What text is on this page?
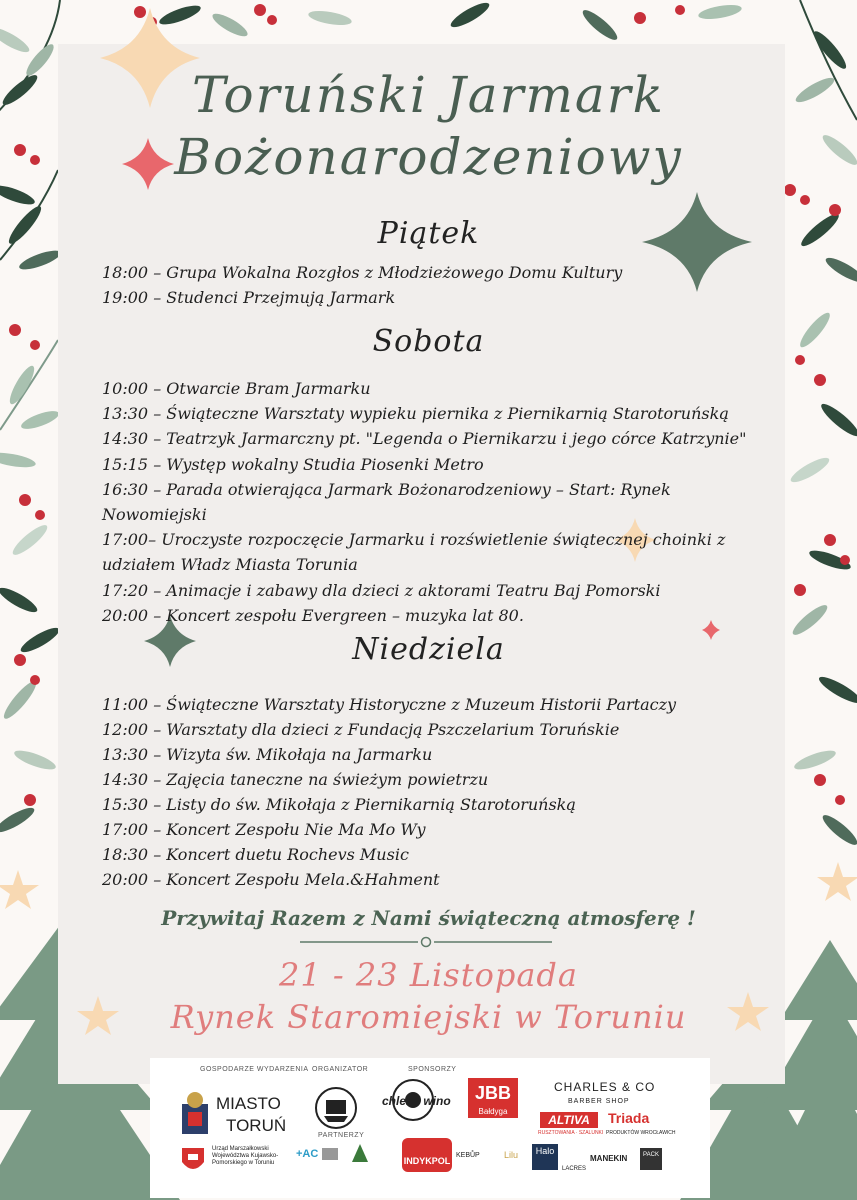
Toruński Jarmark
Bożonarodzeniowy
Piątek
18:00 – Grupa Wokalna Rozgłos z Młodzieżowego Domu Kultury
19:00 – Studenci Przejmują Jarmark
Sobota
10:00 – Otwarcie Bram Jarmarku
13:30 – Świąteczne Warsztaty wypieku piernika z Piernikarnią Starotoruńską
14:30 – Teatrzyk Jarmarczny pt. "Legenda o Piernikarzu i jego córce Katrzynie"
15:15 – Występ wokalny Studia Piosenki Metro
16:30 – Parada otwierająca Jarmark Bożonarodzeniowy – Start: Rynek Nowomiejski
17:00– Uroczyste rozpoczęcie Jarmarku i rozświetlenie świątecznej choinki z udziałem Władz Miasta Torunia
17:20 – Animacje i zabawy dla dzieci z aktorami Teatru Baj Pomorski
20:00 – Koncert zespołu Evergreen – muzyka lat 80.
Niedziela
11:00 – Świąteczne Warsztaty Historyczne z Muzeum Historii Partaczy
12:00 – Warsztaty dla dzieci z Fundacją Pszczelarium Toruńskie
13:30 – Wizyta św. Mikołaja na Jarmarku
14:30 – Zajęcia taneczne na świeżym powietrzu
15:30 – Listy do św. Mikołaja z Piernikarnią Starotoruńską
17:00 – Koncert Zespołu Nie Ma Mo Wy
18:30 – Koncert duetu Rochevs Music
20:00 – Koncert Zespołu Mela.&Hahment
Przywitaj Razem z Nami świąteczną atmosferę !
21 - 23 Listopada
Rynek Staromiejski w Toruniu
GOSPODARZE WYDARZENIA ORGANIZATOR	SPONSORZY
MIASTO
TORUŃ
Urząd Marszałkowski Województwa Kujawsko-Pomorskiego w Toruniu
PARTNERZY
+AC
chleb i wino	JBB
Bałdyga
CHARLES & CO
BARBER SHOP
ALTIVA
RUSZTOWANIA · SZALUNKI
Triada
PRODUKTÓW WROCŁAWICH
INDYKPOL
KEBŮP	Lilu	Halo
LACRES
MANEKIN	PACK
